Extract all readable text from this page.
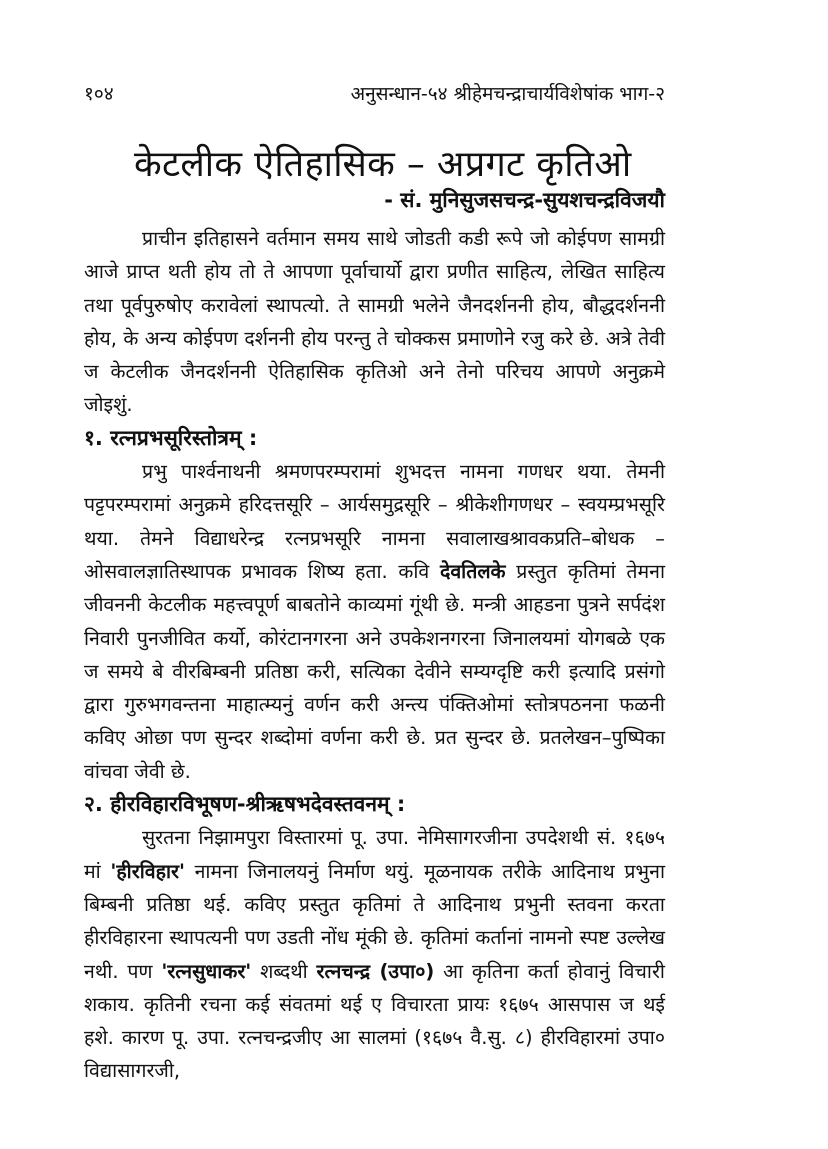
१०४	अनुसन्धान-५४ श्रीहेमचन्द्राचार्यविशेषांक भाग-२
केटलीक ऐतिहासिक – अप्रगट कृतिओ
- सं. मुनिसुजसचन्द्र-सुयशचन्द्रविजयौ

प्राचीन इतिहासने वर्तमान समय साथे जोडती कडी रूपे जो कोईपण सामग्री आजे प्राप्त थती होय तो ते आपणा पूर्वाचार्यो द्वारा प्रणीत साहित्य, लेखित साहित्य तथा पूर्वपुरुषोए करावेलां स्थापत्यो. ते सामग्री भलेने जैनदर्शननी होय, बौद्धदर्शननी होय, के अन्य कोईपण दर्शननी होय परन्तु ते चोक्कस प्रमाणोने रजु करे छे. अत्रे तेवी ज केटलीक जैनदर्शननी ऐतिहासिक कृतिओ अने तेनो परिचय आपणे अनुक्रमे जोइशुं.

१. रत्नप्रभसूरिस्तोत्रम् :

प्रभु पार्श्वनाथनी श्रमणपरम्परामां शुभदत्त नामना गणधर थया. तेमनी पट्टपरम्परामां अनुक्रमे हरिदत्तसूरि – आर्यसमुद्रसूरि – श्रीकेशीगणधर – स्वयम्प्रभसूरि थया. तेमने विद्याधरेन्द्र रत्नप्रभसूरि नामना सवालाखश्रावकप्रति–बोधक – ओसवालज्ञातिस्थापक प्रभावक शिष्य हता. कवि देवतिलके प्रस्तुत कृतिमां तेमना जीवननी केटलीक महत्त्वपूर्ण बाबतोने काव्यमां गूंथी छे. मन्त्री आहडना पुत्रने सर्पदंश निवारी पुनजीवित कर्यो, कोरंटानगरना अने उपकेशनगरना जिनालयमां योगबळे एक ज समये बे वीरबिम्बनी प्रतिष्ठा करी, सत्यिका देवीने सम्यग्दृष्टि करी इत्यादि प्रसंगो द्वारा गुरुभगवन्तना माहात्म्यनुं वर्णन करी अन्त्य पंक्तिओमां स्तोत्रपठनना फळनी कविए ओछा पण सुन्दर शब्दोमां वर्णना करी छे. प्रत सुन्दर छे. प्रतलेखन–पुष्पिका वांचवा जेवी छे.

२. हीरविहारविभूषण-श्रीऋषभदेवस्तवनम् :

सुरतना निझामपुरा विस्तारमां पू. उपा. नेमिसागरजीना उपदेशथी सं. १६७५ मां 'हीरविहार' नामना जिनालयनुं निर्माण थयुं. मूळनायक तरीके आदिनाथ प्रभुना बिम्बनी प्रतिष्ठा थई. कविए प्रस्तुत कृतिमां ते आदिनाथ प्रभुनी स्तवना करता हीरविहारना स्थापत्यनी पण उडती नोंध मूंकी छे. कृतिमां कर्तानां नामनो स्पष्ट उल्लेख नथी. पण 'रत्नसुधाकर' शब्दथी रत्नचन्द्र (उपा०) आ कृतिना कर्ता होवानुं विचारी शकाय. कृतिनी रचना कई संवतमां थई ए विचारता प्रायः १६७५ आसपास ज थई हशे. कारण पू. उपा. रत्नचन्द्रजीए आ सालमां (१६७५ वै.सु. ८) हीरविहारमां उपा० विद्यासागरजी,
